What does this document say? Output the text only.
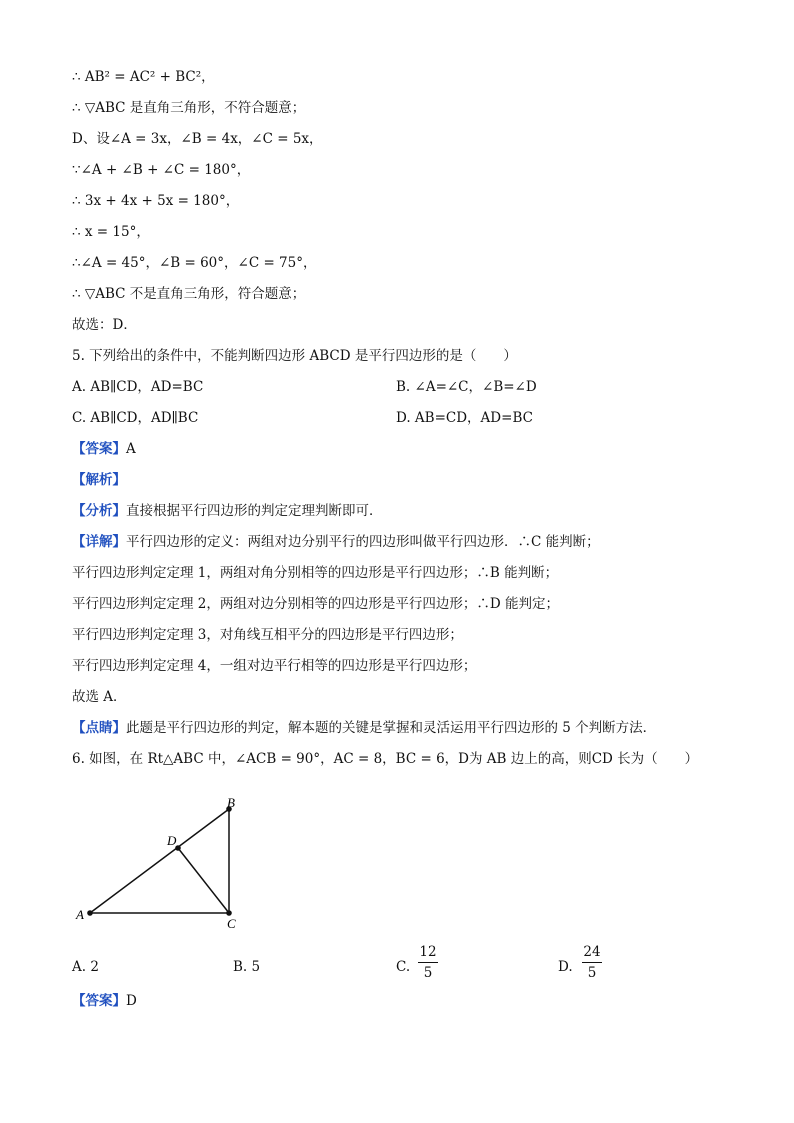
∴ AB² = AC² + BC²，
∴ ▽ABC 是直角三角形，不符合题意；
D、设∠A = 3x，∠B = 4x，∠C = 5x，
∵∠A + ∠B + ∠C = 180°，
∴ 3x + 4x + 5x = 180°，
∴ x = 15°，
∴∠A = 45°，∠B = 60°，∠C = 75°，
∴ ▽ABC 不是直角三角形，符合题意；
故选：D．
5. 下列给出的条件中，不能判断四边形 ABCD 是平行四边形的是（　　）
A. AB∥CD，AD=BC	B. ∠A=∠C，∠B=∠D
C. AB∥CD，AD∥BC	D. AB=CD，AD=BC
【答案】A
【解析】
【分析】直接根据平行四边形的判定定理判断即可．
【详解】平行四边形的定义：两组对边分别平行的四边形叫做平行四边形．∴C 能判断；
平行四边形判定定理 1，两组对角分别相等的四边形是平行四边形；∴B 能判断；
平行四边形判定定理 2，两组对边分别相等的四边形是平行四边形；∴D 能判定；
平行四边形判定定理 3，对角线互相平分的四边形是平行四边形；
平行四边形判定定理 4，一组对边平行相等的四边形是平行四边形；
故选 A．
【点睛】此题是平行四边形的判定，解本题的关键是掌握和灵活运用平行四边形的 5 个判断方法．
6. 如图，在 Rt△ABC 中，∠ACB = 90°，AC = 8，BC = 6，D为 AB 边上的高，则CD 长为（　　）
A
B
C
D
A. 2	B. 5	C.
12
5	D.
24
5
【答案】D
